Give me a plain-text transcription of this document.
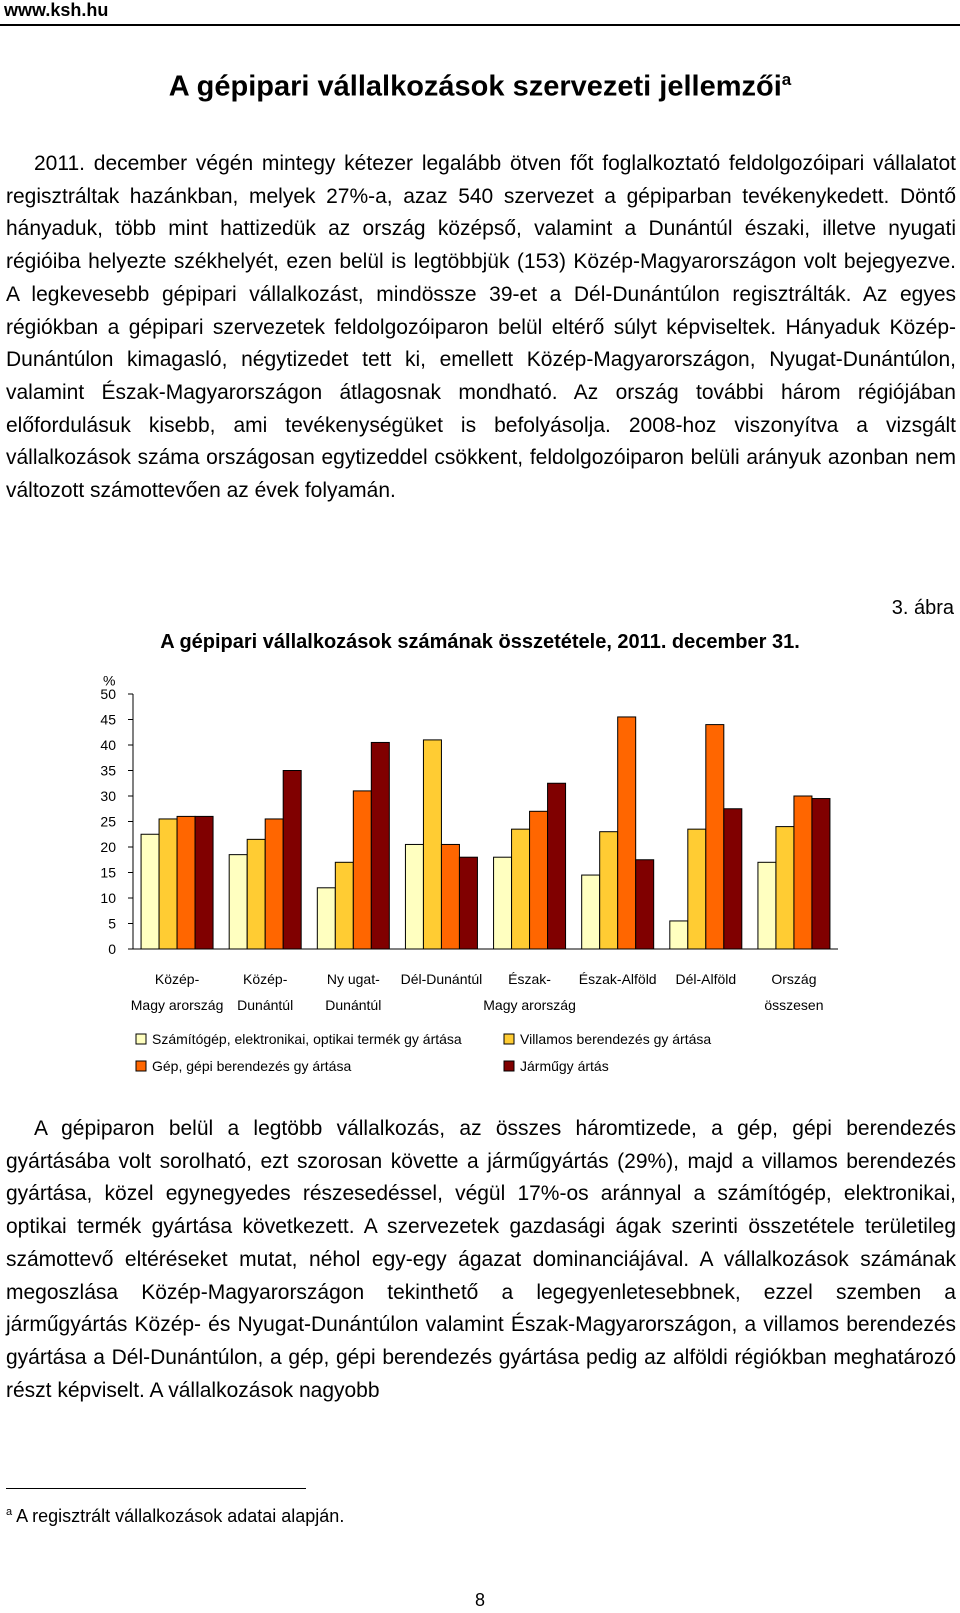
www.ksh.hu
A gépipari vállalkozások szervezeti jellemzői$^a$

2011. december végén mintegy kétezer legalább ötven főt foglalkoztató feldolgozóipari vállalatot regisztráltak hazánkban, melyek 27%-a, azaz 540 szervezet a gépiparban tevékenykedett. Döntő hányaduk, több mint hattizedük az ország középső, valamint a Dunántúl északi, illetve nyugati régióiba helyezte székhelyét, ezen belül is legtöbbjük (153) Közép-Magyarországon volt bejegyezve. A legkevesebb gépipari vállalkozást, mindössze 39-et a Dél-Dunántúlon regisztrálták. Az egyes régiókban a gépipari szervezetek feldolgozóiparon belül eltérő súlyt képviseltek. Hányaduk Közép-Dunántúlon kimagasló, négytizedet tett ki, emellett Közép-Magyarországon, Nyugat-Dunántúlon, valamint Észak-Magyarországon átlagosnak mondható. Az ország további három régiójában előfordulásuk kisebb, ami tevékenységüket is befolyásolja. 2008-hoz viszonyítva a vizsgált vállalkozások száma országosan egytizeddel csökkent, feldolgozóiparon belüli arányuk azonban nem változott számottevően az évek folyamán.

3. ábra
A gépipari vállalkozások számának összetétele, 2011. december 31.
%
0
5
10
15
20
25
30
35
40
45
50
Közép-
Magy arország
Közép-
Dunántúl
Ny ugat-
Dunántúl
Dél-Dunántúl Észak-
Magy arország
Észak-Alföld Dél-Alföld	Ország
összesen
Számítógép, elektronikai, optikai termék gy ártása	Villamos berendezés gy ártása
Gép, gépi berendezés gy ártása	Járműgy ártás

A gépiparon belül a legtöbb vállalkozás, az összes háromtizede, a gép, gépi berendezés gyártásába volt sorolható, ezt szorosan követte a járműgyártás (29%), majd a villamos berendezés gyártása, közel egynegyedes részesedéssel, végül 17%-os aránnyal a számítógép, elektronikai, optikai termék gyártása következett. A szervezetek gazdasági ágak szerinti összetétele területileg számottevő eltéréseket mutat, néhol egy-egy ágazat dominanciájával. A vállalkozások számának megoszlása Közép-Magyarországon tekinthető a legegyenletesebbnek, ezzel szemben a járműgyártás Közép- és Nyugat-Dunántúlon valamint Észak-Magyarországon, a villamos berendezés gyártása a Dél-Dunántúlon, a gép, gépi berendezés gyártása pedig az alföldi régiókban meghatározó részt képviselt. A vállalkozások nagyobb

$^a$ A regisztrált vállalkozások adatai alapján.
8
